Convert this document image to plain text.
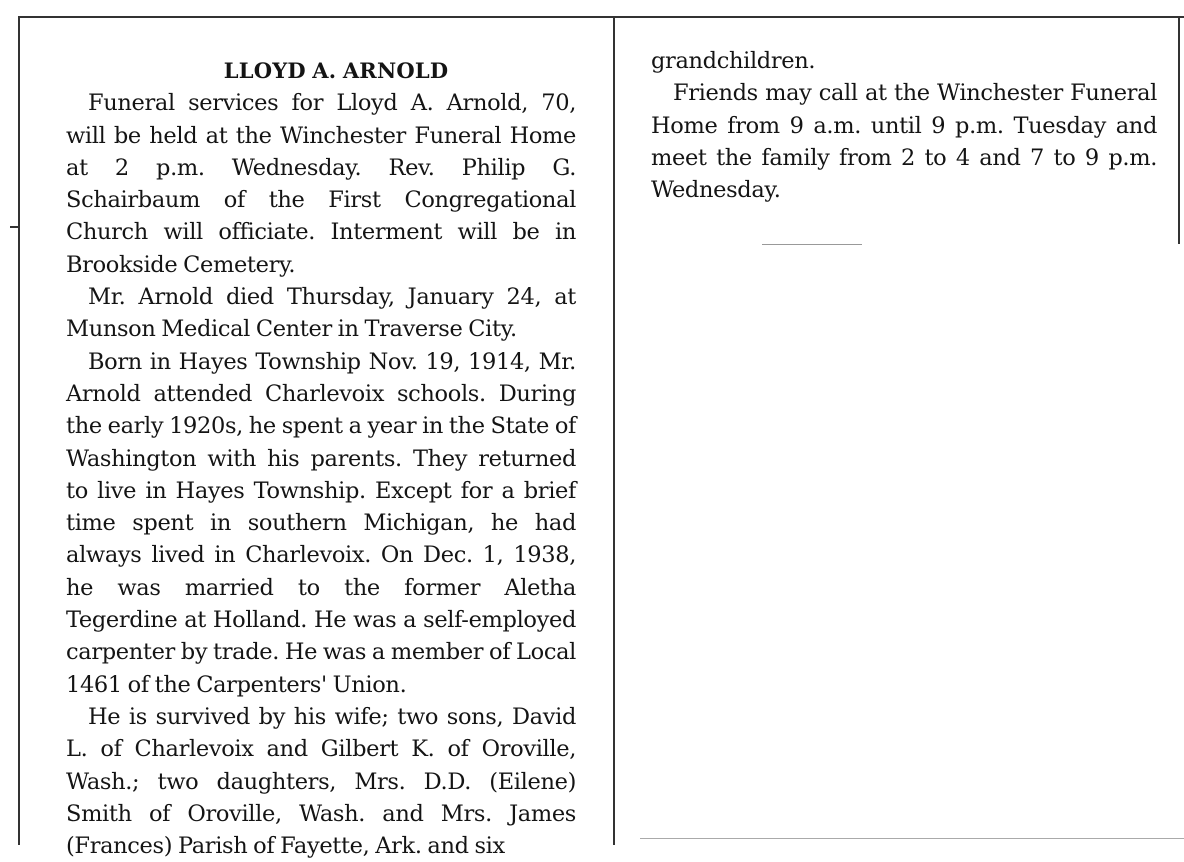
LLOYD A. ARNOLD

Funeral services for Lloyd A. Arnold, 70, will be held at the Winchester Funeral Home at 2 p.m. Wednesday. Rev. Philip G. Schairbaum of the First Congregational Church will officiate. Interment will be in Brookside Cemetery.

Mr. Arnold died Thursday, January 24, at Munson Medical Center in Traverse City.

Born in Hayes Township Nov. 19, 1914, Mr. Arnold attended Charlevoix schools. During the early 1920s, he spent a year in the State of Washington with his parents. They returned to live in Hayes Township. Except for a brief time spent in southern Michigan, he had always lived in Charlevoix. On Dec. 1, 1938, he was married to the former Aletha Tegerdine at Holland. He was a self-employed carpenter by trade. He was a member of Local 1461 of the Carpenters' Union.

He is survived by his wife; two sons, David L. of Charlevoix and Gilbert K. of Oroville, Wash.; two daughters, Mrs. D.D. (Eilene) Smith of Oroville, Wash. and Mrs. James (Frances) Parish of Fayette, Ark. and six

grandchildren.

Friends may call at the Winchester Funeral Home from 9 a.m. until 9 p.m. Tuesday and meet the family from 2 to 4 and 7 to 9 p.m. Wednesday.
